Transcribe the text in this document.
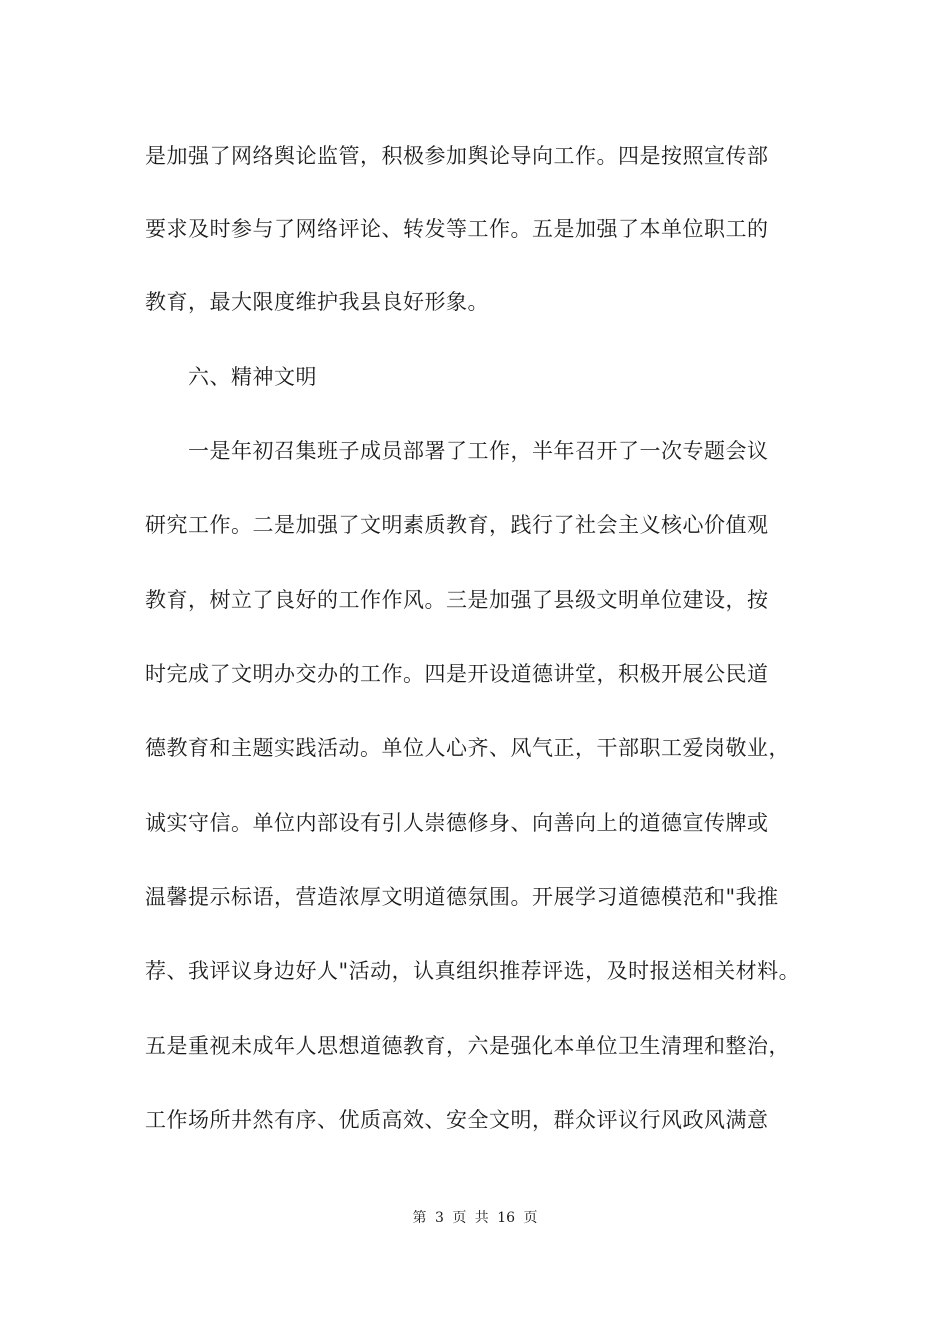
是加强了网络舆论监管，积极参加舆论导向工作。四是按照宣传部
要求及时参与了网络评论、转发等工作。五是加强了本单位职工的
教育，最大限度维护我县良好形象。
六、精神文明
一是年初召集班子成员部署了工作，半年召开了一次专题会议
研究工作。二是加强了文明素质教育，践行了社会主义核心价值观
教育，树立了良好的工作作风。三是加强了县级文明单位建设，按
时完成了文明办交办的工作。四是开设道德讲堂，积极开展公民道
德教育和主题实践活动。单位人心齐、风气正，干部职工爱岗敬业，
诚实守信。单位内部设有引人崇德修身、向善向上的道德宣传牌或
温馨提示标语，营造浓厚文明道德氛围。开展学习道德模范和"我推
荐、我评议身边好人"活动，认真组织推荐评选，及时报送相关材料。
五是重视未成年人思想道德教育，六是强化本单位卫生清理和整治，
工作场所井然有序、优质高效、安全文明，群众评议行风政风满意
第 3 页 共 16 页
